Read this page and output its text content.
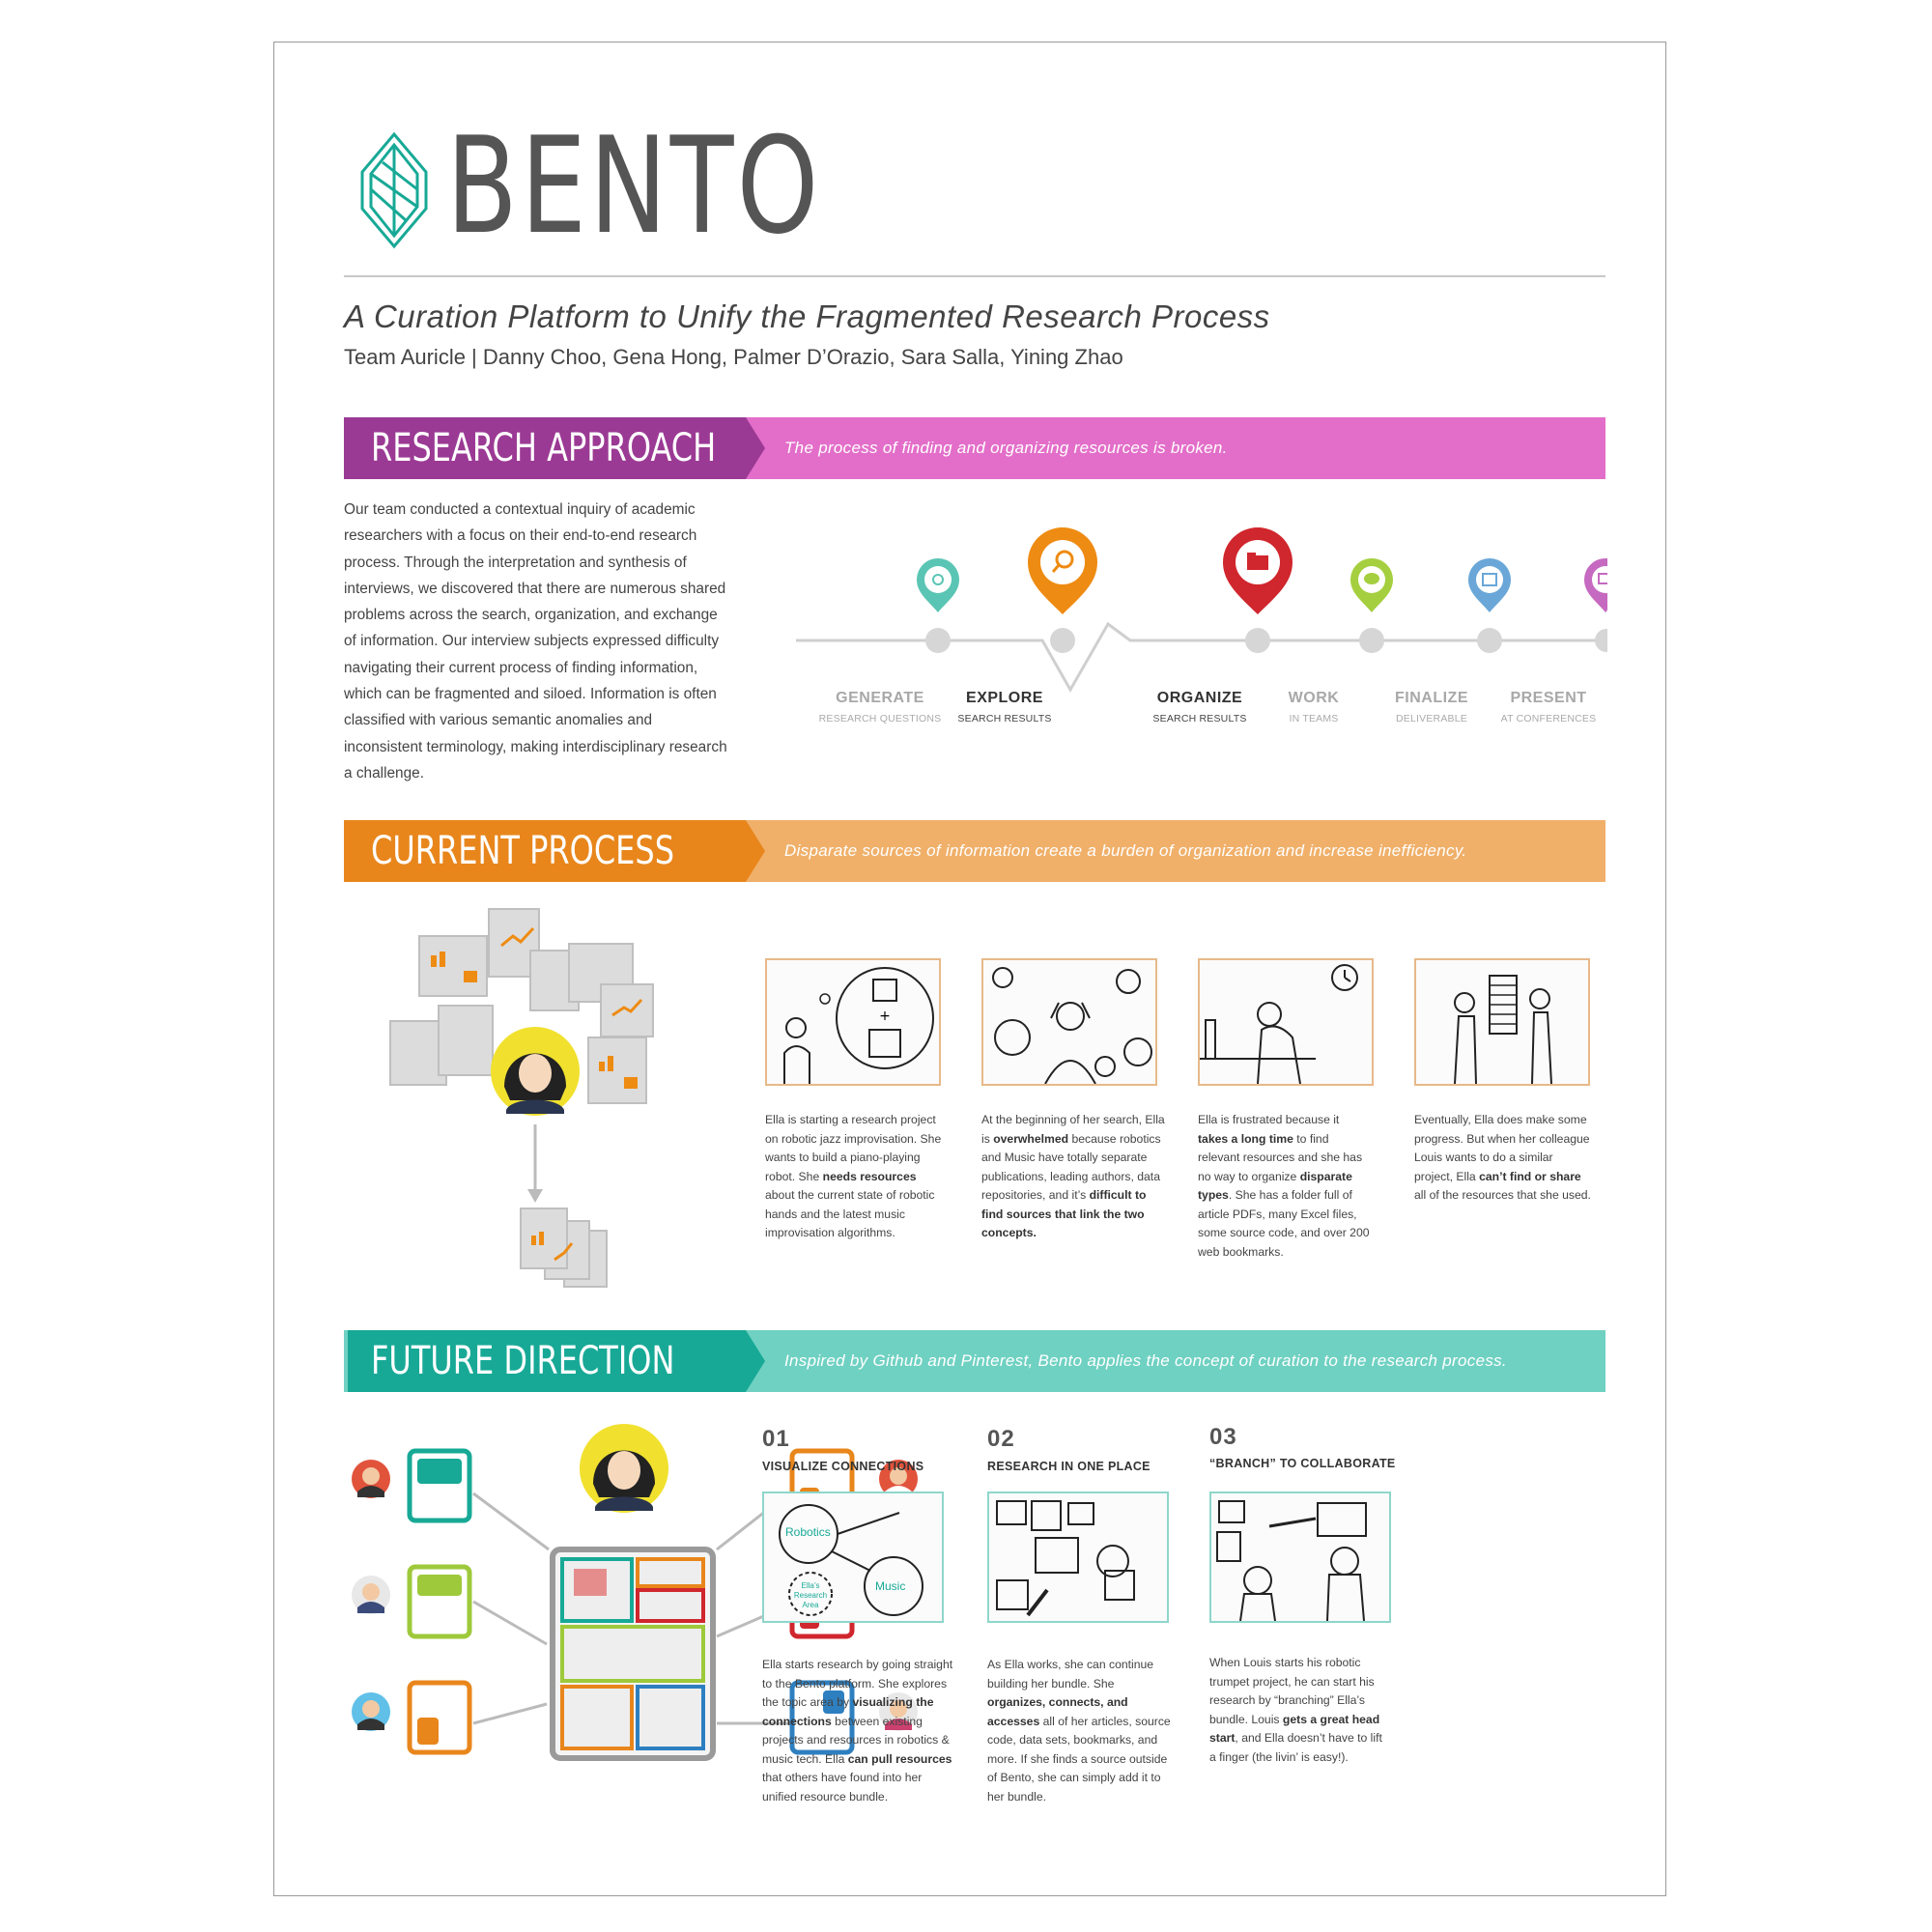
BENTO
A Curation Platform to Unify the Fragmented Research Process
Team Auricle | Danny Choo, Gena Hong, Palmer D’Orazio, Sara Salla, Yining Zhao
RESEARCH APPROACH	The process of finding and organizing resources is broken.
Our team conducted a contextual inquiry of academic researchers with a focus on their end-to-end research process. Through the interpretation and synthesis of interviews, we discovered that there are numerous shared problems across the search, organization, and exchange of information. Our interview subjects expressed difficulty navigating their current process of finding information, which can be fragmented and siloed. Information is often classified with various semantic anomalies and inconsistent terminology, making interdisciplinary research a challenge.
GENERATE
RESEARCH QUESTIONS
EXPLORE
SEARCH RESULTS
ORGANIZE
SEARCH RESULTS
WORK
IN TEAMS
FINALIZE
DELIVERABLE
PRESENT
AT CONFERENCES
CURRENT PROCESS	Disparate sources of information create a burden of organization and increase inefficiency.
+
Ella is starting a research project on robotic jazz improvisation. She wants to build a piano-playing robot. She needs resources about the current state of robotic hands and the latest music improvisation algorithms.
At the beginning of her search, Ella is overwhelmed because robotics and Music have totally separate publications, leading authors, data repositories, and it’s difficult to find sources that link the two concepts.
Ella is frustrated because it takes a long time to find relevant resources and she has no way to organize disparate types. She has a folder full of article PDFs, many Excel files, some source code, and over 200 web bookmarks.
Eventually, Ella does make some progress. But when her colleague Louis wants to do a similar project, Ella can’t find or share all of the resources that she used.
FUTURE DIRECTION	Inspired by Github and Pinterest, Bento applies the concept of curation to the research process.
01
VISUALIZE CONNECTIONS
02
RESEARCH IN ONE PLACE
03
“BRANCH” TO COLLABORATE
Robotics
Music
Ella’s
Research
Area
Ella starts research by going straight to the Bento platform. She explores the topic area by visualizing the connections between existing projects and resources in robotics & music tech. Ella can pull resources that others have found into her unified resource bundle.
As Ella works, she can continue building her bundle. She organizes, connects, and accesses all of her articles, source code, data sets, bookmarks, and more. If she finds a source outside of Bento, she can simply add it to her bundle.
When Louis starts his robotic trumpet project, he can start his research by “branching” Ella’s bundle. Louis gets a great head start, and Ella doesn’t have to lift a finger (the livin’ is easy!).
